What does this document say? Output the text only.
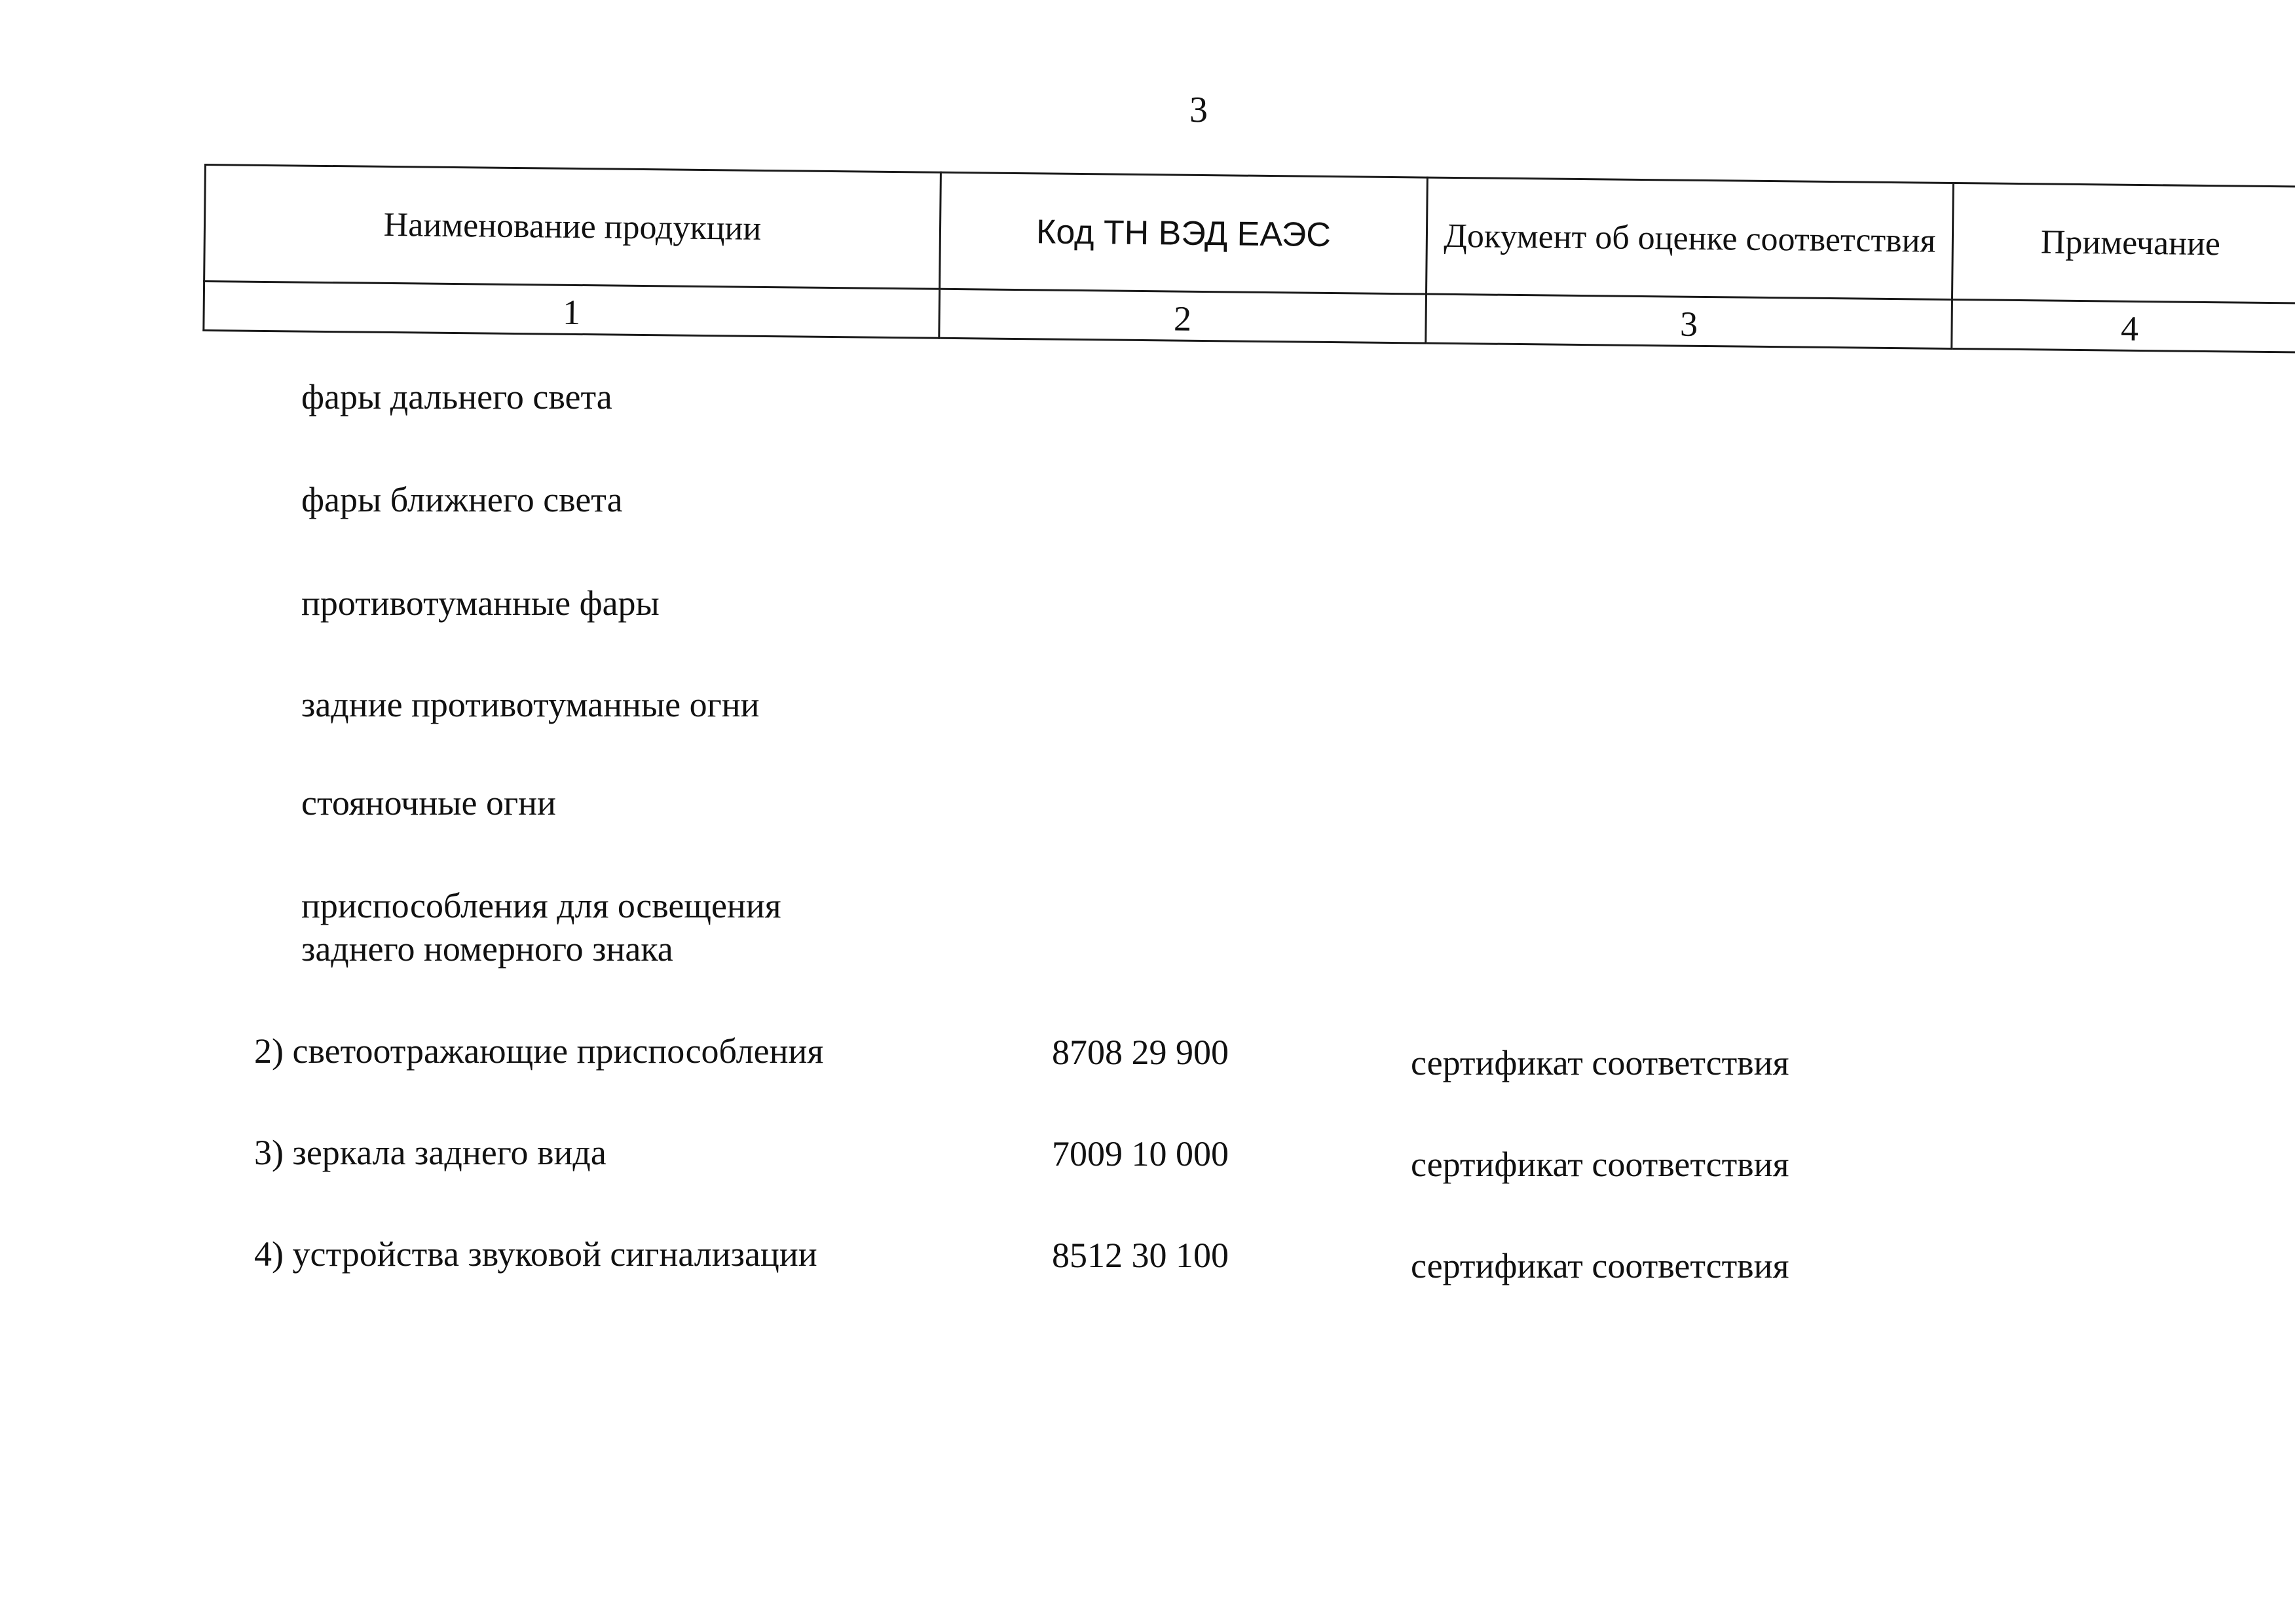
3
Наименование продукции	Код ТН ВЭД ЕАЭС	Документ об оценке соответствия	Примечание
1	2	3	4
фары дальнего света
фары ближнего света
противотуманные фары
задние противотуманные огни
стояночные огни
приспособления для освещения
заднего номерного знака
2) светоотражающие приспособления	8708 29 900	сертификат соответствия
3) зеркала заднего вида	7009 10 000	сертификат соответствия
4) устройства звуковой сигнализации	8512 30 100	сертификат соответствия
